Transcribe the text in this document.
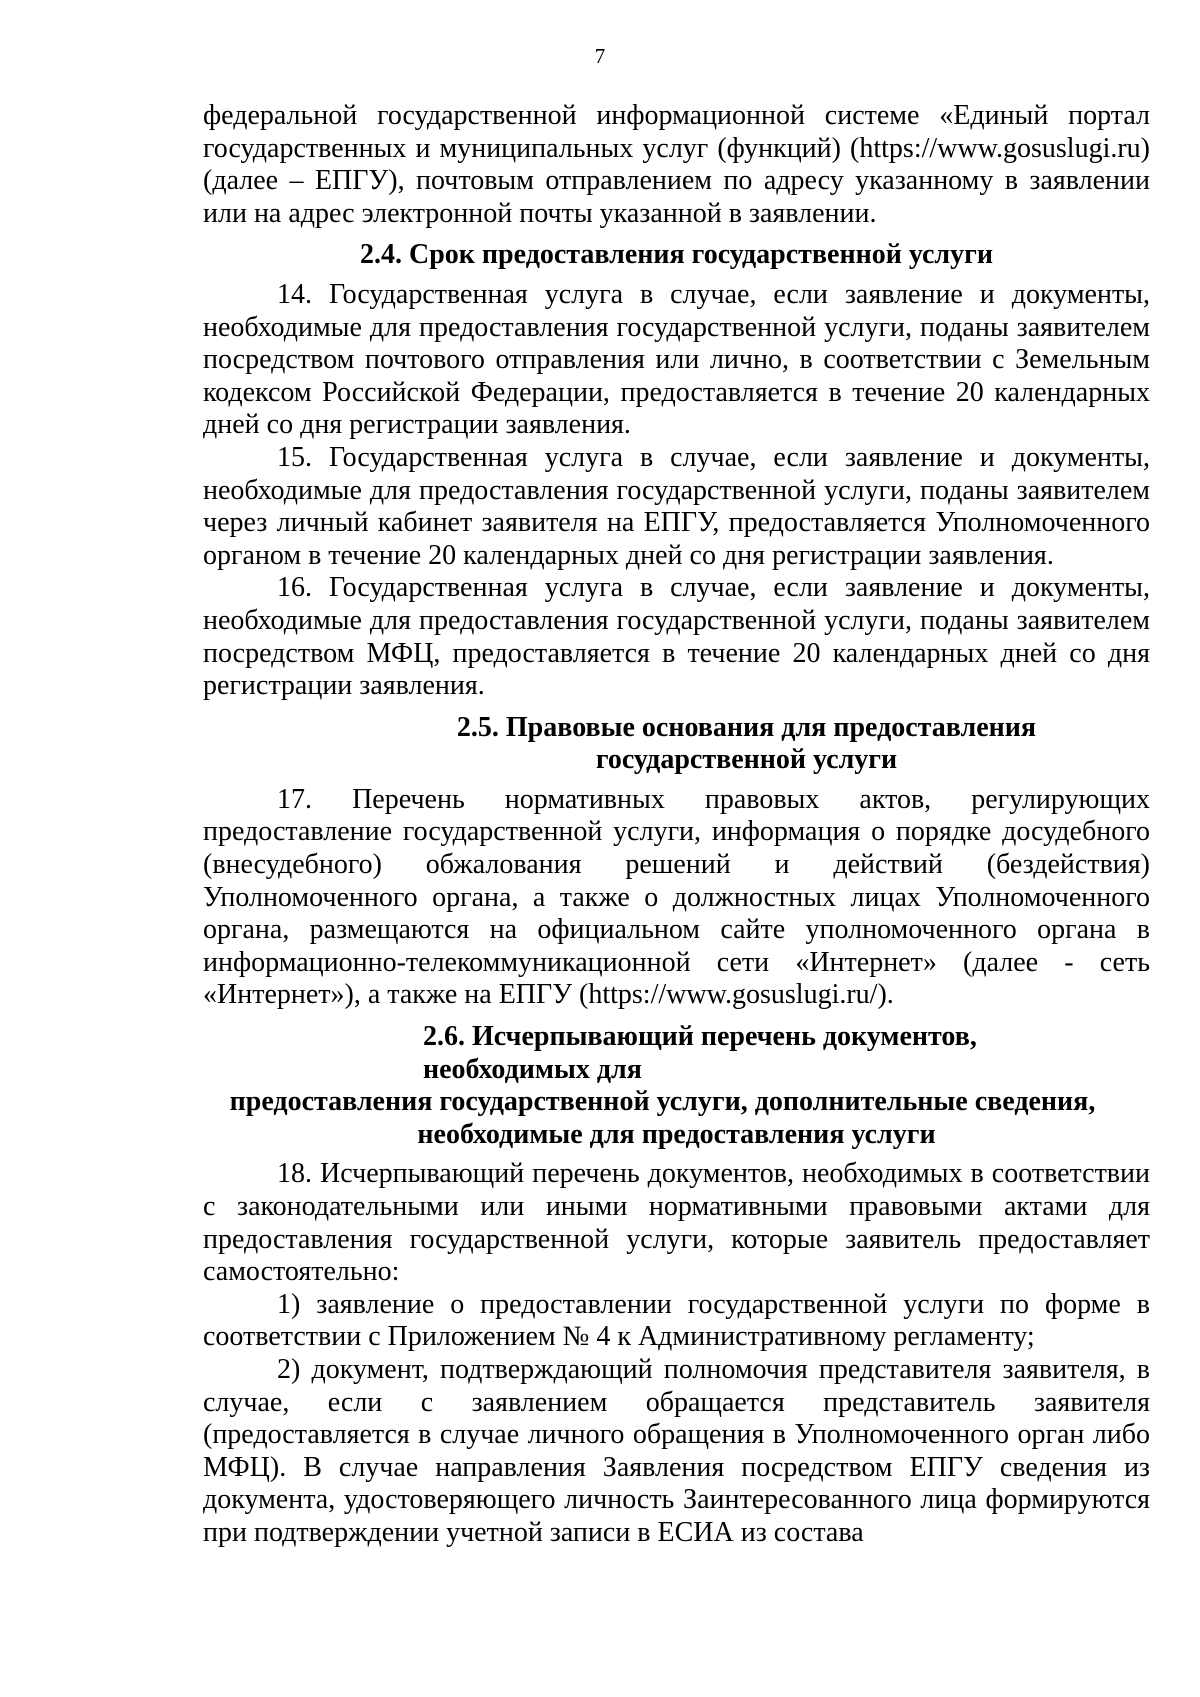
7

федеральной государственной информационной системе «Единый портал государственных и муниципальных услуг (функций) (https://www.gosuslugi.ru) (далее – ЕПГУ), почтовым отправлением по адресу указанному в заявлении или на адрес электронной почты указанной в заявлении.

2.4. Срок предоставления государственной услуги

14. Государственная услуга в случае, если заявление и документы, необходимые для предоставления государственной услуги, поданы заявителем посредством почтового отправления или лично, в соответствии с Земельным кодексом Российской Федерации, предоставляется в течение 20 календарных дней со дня регистрации заявления.

15. Государственная услуга в случае, если заявление и документы, необходимые для предоставления государственной услуги, поданы заявителем через личный кабинет заявителя на ЕПГУ, предоставляется Уполномоченного органом в течение 20 календарных дней со дня регистрации заявления.

16. Государственная услуга в случае, если заявление и документы, необходимые для предоставления государственной услуги, поданы заявителем посредством МФЦ, предоставляется в течение 20 календарных дней со дня регистрации заявления.

2.5. Правовые основания для предоставления
государственной услуги

17. Перечень нормативных правовых актов, регулирующих предоставление государственной услуги, информация о порядке досудебного (внесудебного) обжалования решений и действий (бездействия) Уполномоченного органа, а также о должностных лицах Уполномоченного органа, размещаются на официальном сайте уполномоченного органа в информационно-телекоммуникационной сети «Интернет» (далее - сеть «Интернет»), а также на ЕПГУ (https://www.gosuslugi.ru/).

2.6. Исчерпывающий перечень документов, необходимых для
предоставления государственной услуги, дополнительные сведения,
необходимые для предоставления услуги

18. Исчерпывающий перечень документов, необходимых в соответствии с законодательными или иными нормативными правовыми актами для предоставления государственной услуги, которые заявитель предоставляет самостоятельно:

1) заявление о предоставлении государственной услуги по форме в соответствии с Приложением № 4 к Административному регламенту;

2) документ, подтверждающий полномочия представителя заявителя, в случае, если с заявлением обращается представитель заявителя (предоставляется в случае личного обращения в Уполномоченного орган либо МФЦ). В случае направления Заявления посредством ЕПГУ сведения из документа, удостоверяющего личность Заинтересованного лица формируются при подтверждении учетной записи в ЕСИА из состава
